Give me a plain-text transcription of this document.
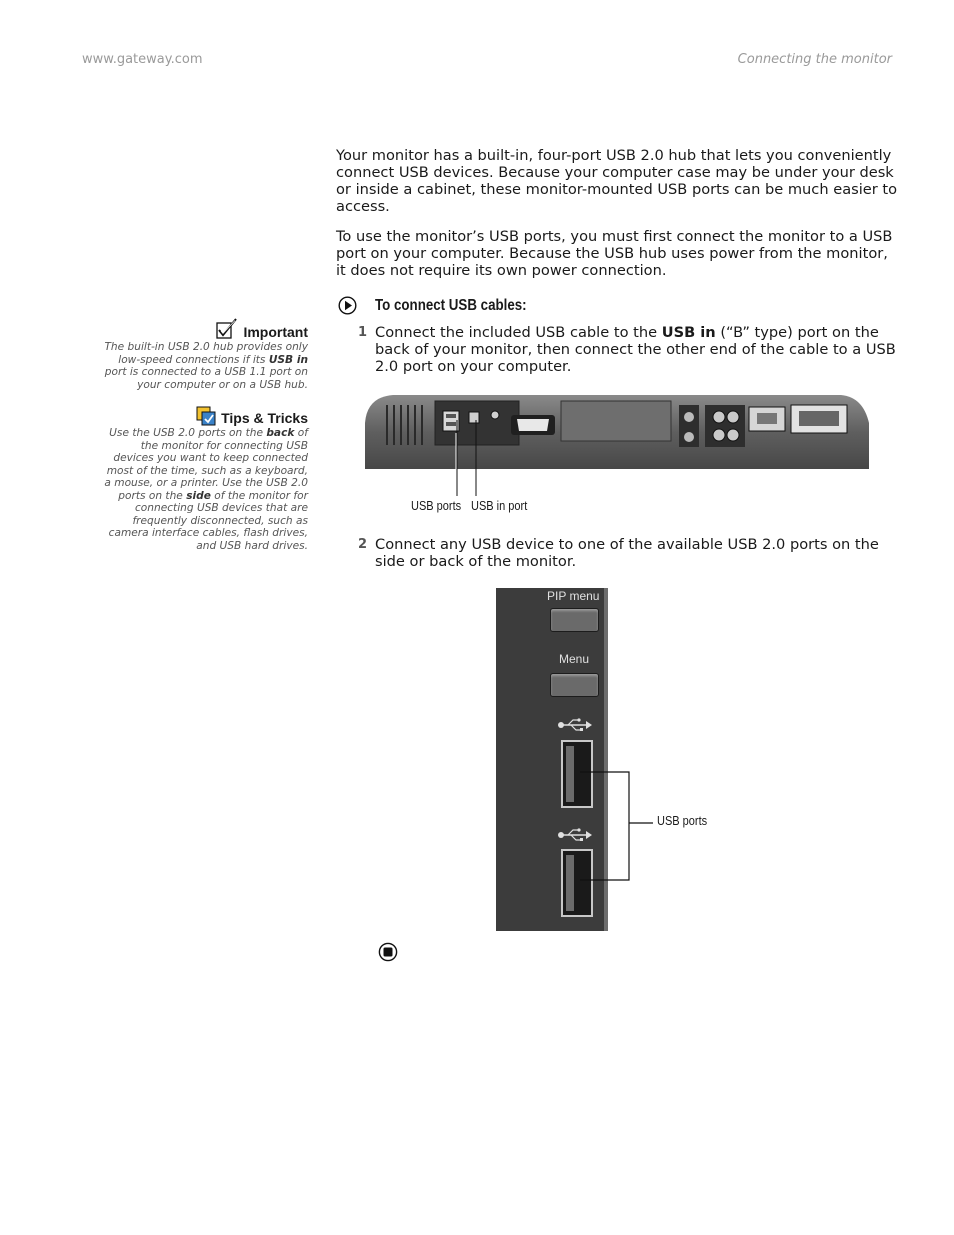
www.gateway.com	Connecting the monitor

Your monitor has a built-in, four-port USB 2.0 hub that lets you conveniently connect USB devices. Because your computer case may be under your desk or inside a cabinet, these monitor-mounted USB ports can be much easier to access.

To use the monitor’s USB ports, you must first connect the monitor to a USB port on your computer. Because the USB hub uses power from the monitor, it does not require its own power connection.

To connect USB cables:
1 Connect the included USB cable to the USB in (“B” type) port on the back of your monitor, then connect the other end of the cable to a USB 2.0 port on your computer.
Important
The built-in USB 2.0 hub provides only low-speed connections if its USB in port is connected to a USB 1.1 port on your computer or on a USB hub.
Tips & Tricks
Use the USB 2.0 ports on the back of the monitor for connecting USB devices you want to keep connected most of the time, such as a keyboard, a mouse, or a printer. Use the USB 2.0 ports on the side of the monitor for connecting USB devices that are frequently disconnected, such as camera interface cables, flash drives, and USB hard drives.
USB ports USB in port
2 Connect any USB device to one of the available USB 2.0 ports on the side or back of the monitor.
PIP menu
Menu
USB ports
